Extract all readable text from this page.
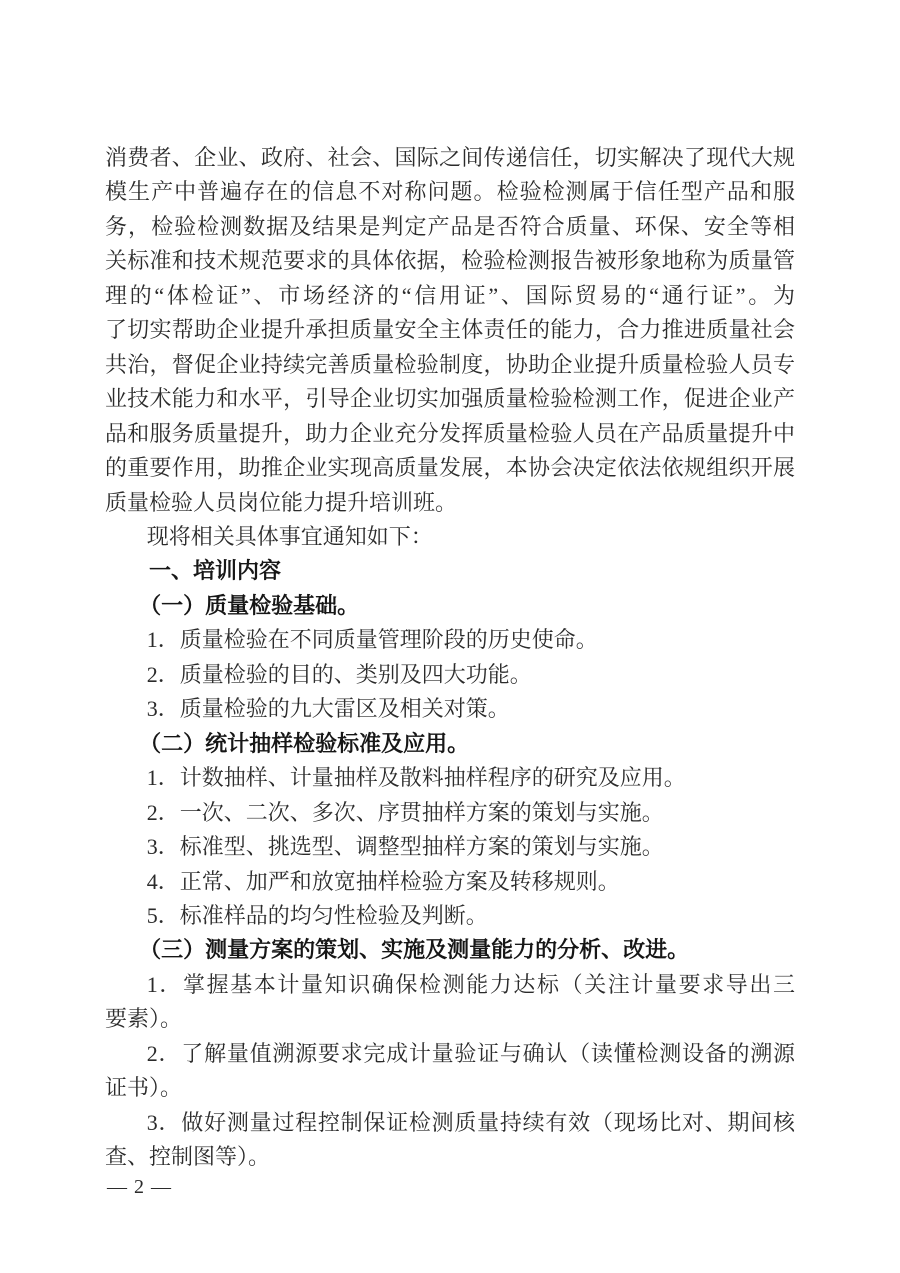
消费者、企业、政府、社会、国际之间传递信任，切实解决了现代大规
模生产中普遍存在的信息不对称问题。检验检测属于信任型产品和服
务，检验检测数据及结果是判定产品是否符合质量、环保、安全等相
关标准和技术规范要求的具体依据，检验检测报告被形象地称为质量管
理的“体检证”、市场经济的“信用证”、国际贸易的“通行证”。为
了切实帮助企业提升承担质量安全主体责任的能力，合力推进质量社会
共治，督促企业持续完善质量检验制度，协助企业提升质量检验人员专
业技术能力和水平，引导企业切实加强质量检验检测工作，促进企业产
品和服务质量提升，助力企业充分发挥质量检验人员在产品质量提升中
的重要作用，助推企业实现高质量发展，本协会决定依法依规组织开展
质量检验人员岗位能力提升培训班。
现将相关具体事宜通知如下：
一、培训内容
（一）质量检验基础。
1．质量检验在不同质量管理阶段的历史使命。
2．质量检验的目的、类别及四大功能。
3．质量检验的九大雷区及相关对策。
（二）统计抽样检验标准及应用。
1．计数抽样、计量抽样及散料抽样程序的研究及应用。
2．一次、二次、多次、序贯抽样方案的策划与实施。
3．标准型、挑选型、调整型抽样方案的策划与实施。
4．正常、加严和放宽抽样检验方案及转移规则。
5．标准样品的均匀性检验及判断。
（三）测量方案的策划、实施及测量能力的分析、改进。
1．掌握基本计量知识确保检测能力达标（关注计量要求导出三
要素）。
2．了解量值溯源要求完成计量验证与确认（读懂检测设备的溯源
证书）。
3．做好测量过程控制保证检测质量持续有效（现场比对、期间核
查、控制图等）。
— 2 —
